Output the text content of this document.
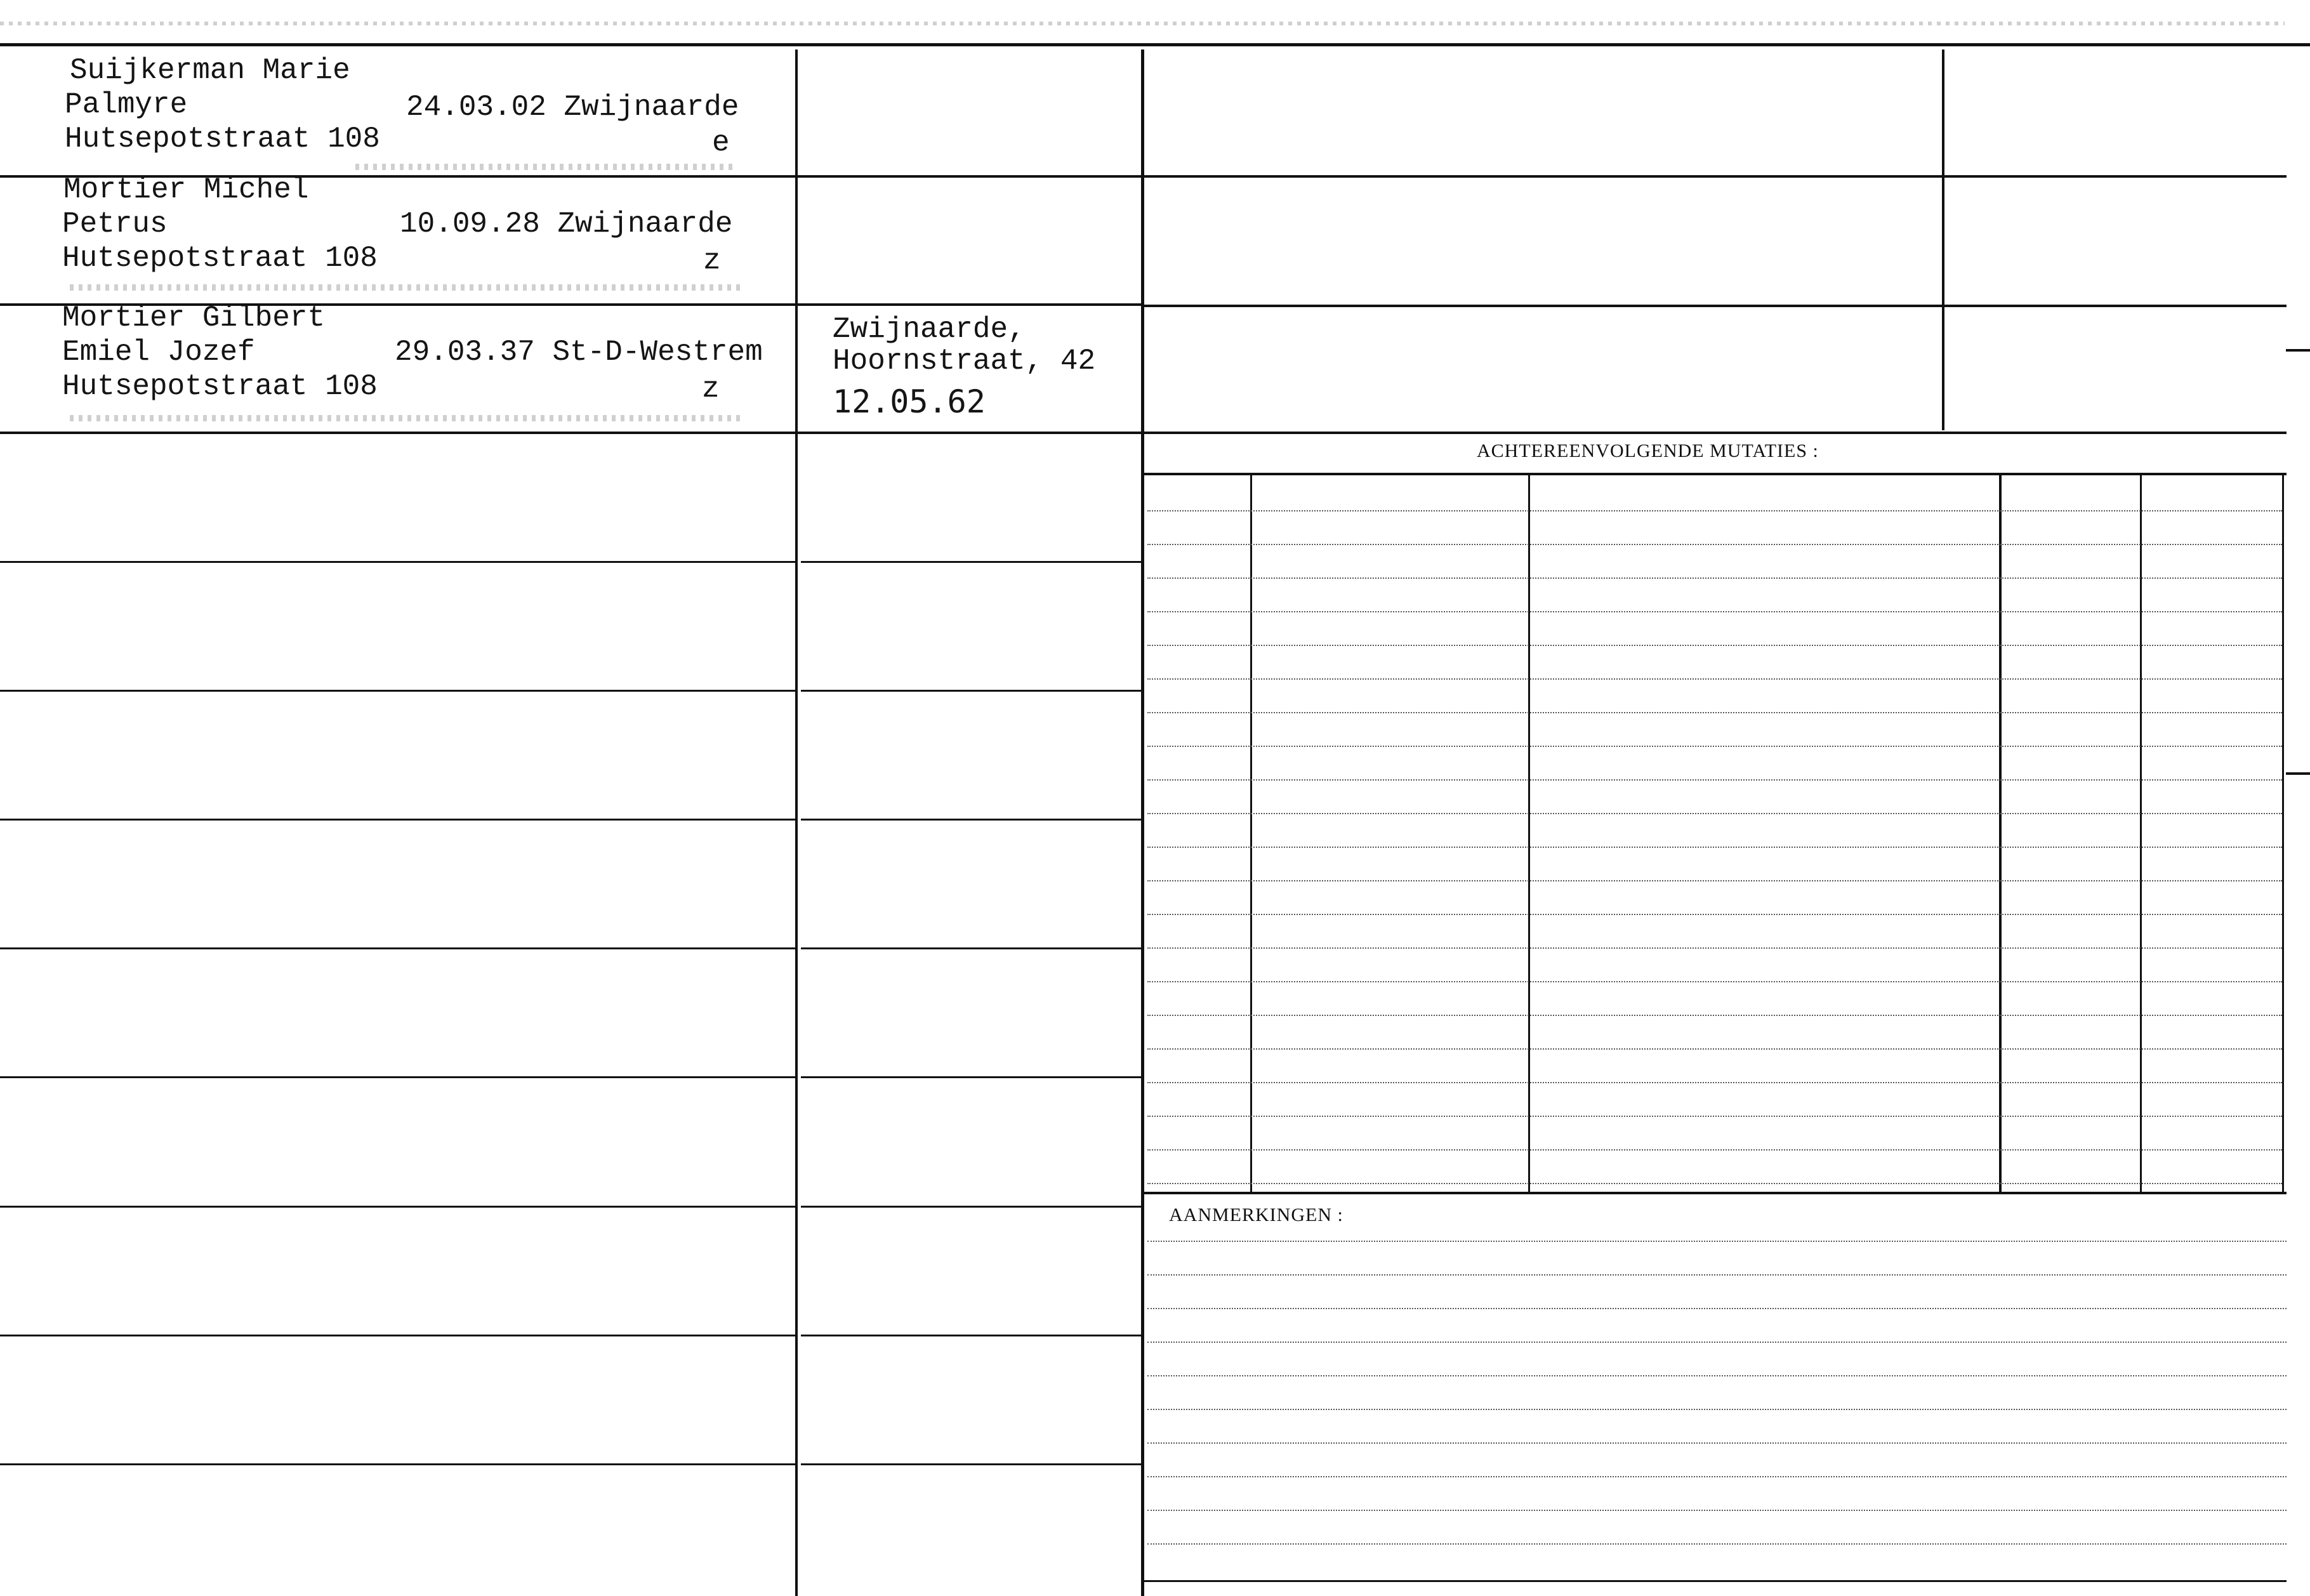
ACHTEREENVOLGENDE MUTATIES :
AANMERKINGEN :
Suijkerman Marie
Palmyre
Hutsepotstraat 108
24.03.02 Zwijnaarde
e
Mortier Michel
Petrus
Hutsepotstraat 108
10.09.28 Zwijnaarde
z
Mortier Gilbert
Emiel Jozef
Hutsepotstraat 108
29.03.37 St-D-Westrem
z
Zwijnaarde,
Hoornstraat, 42
12.05.62
